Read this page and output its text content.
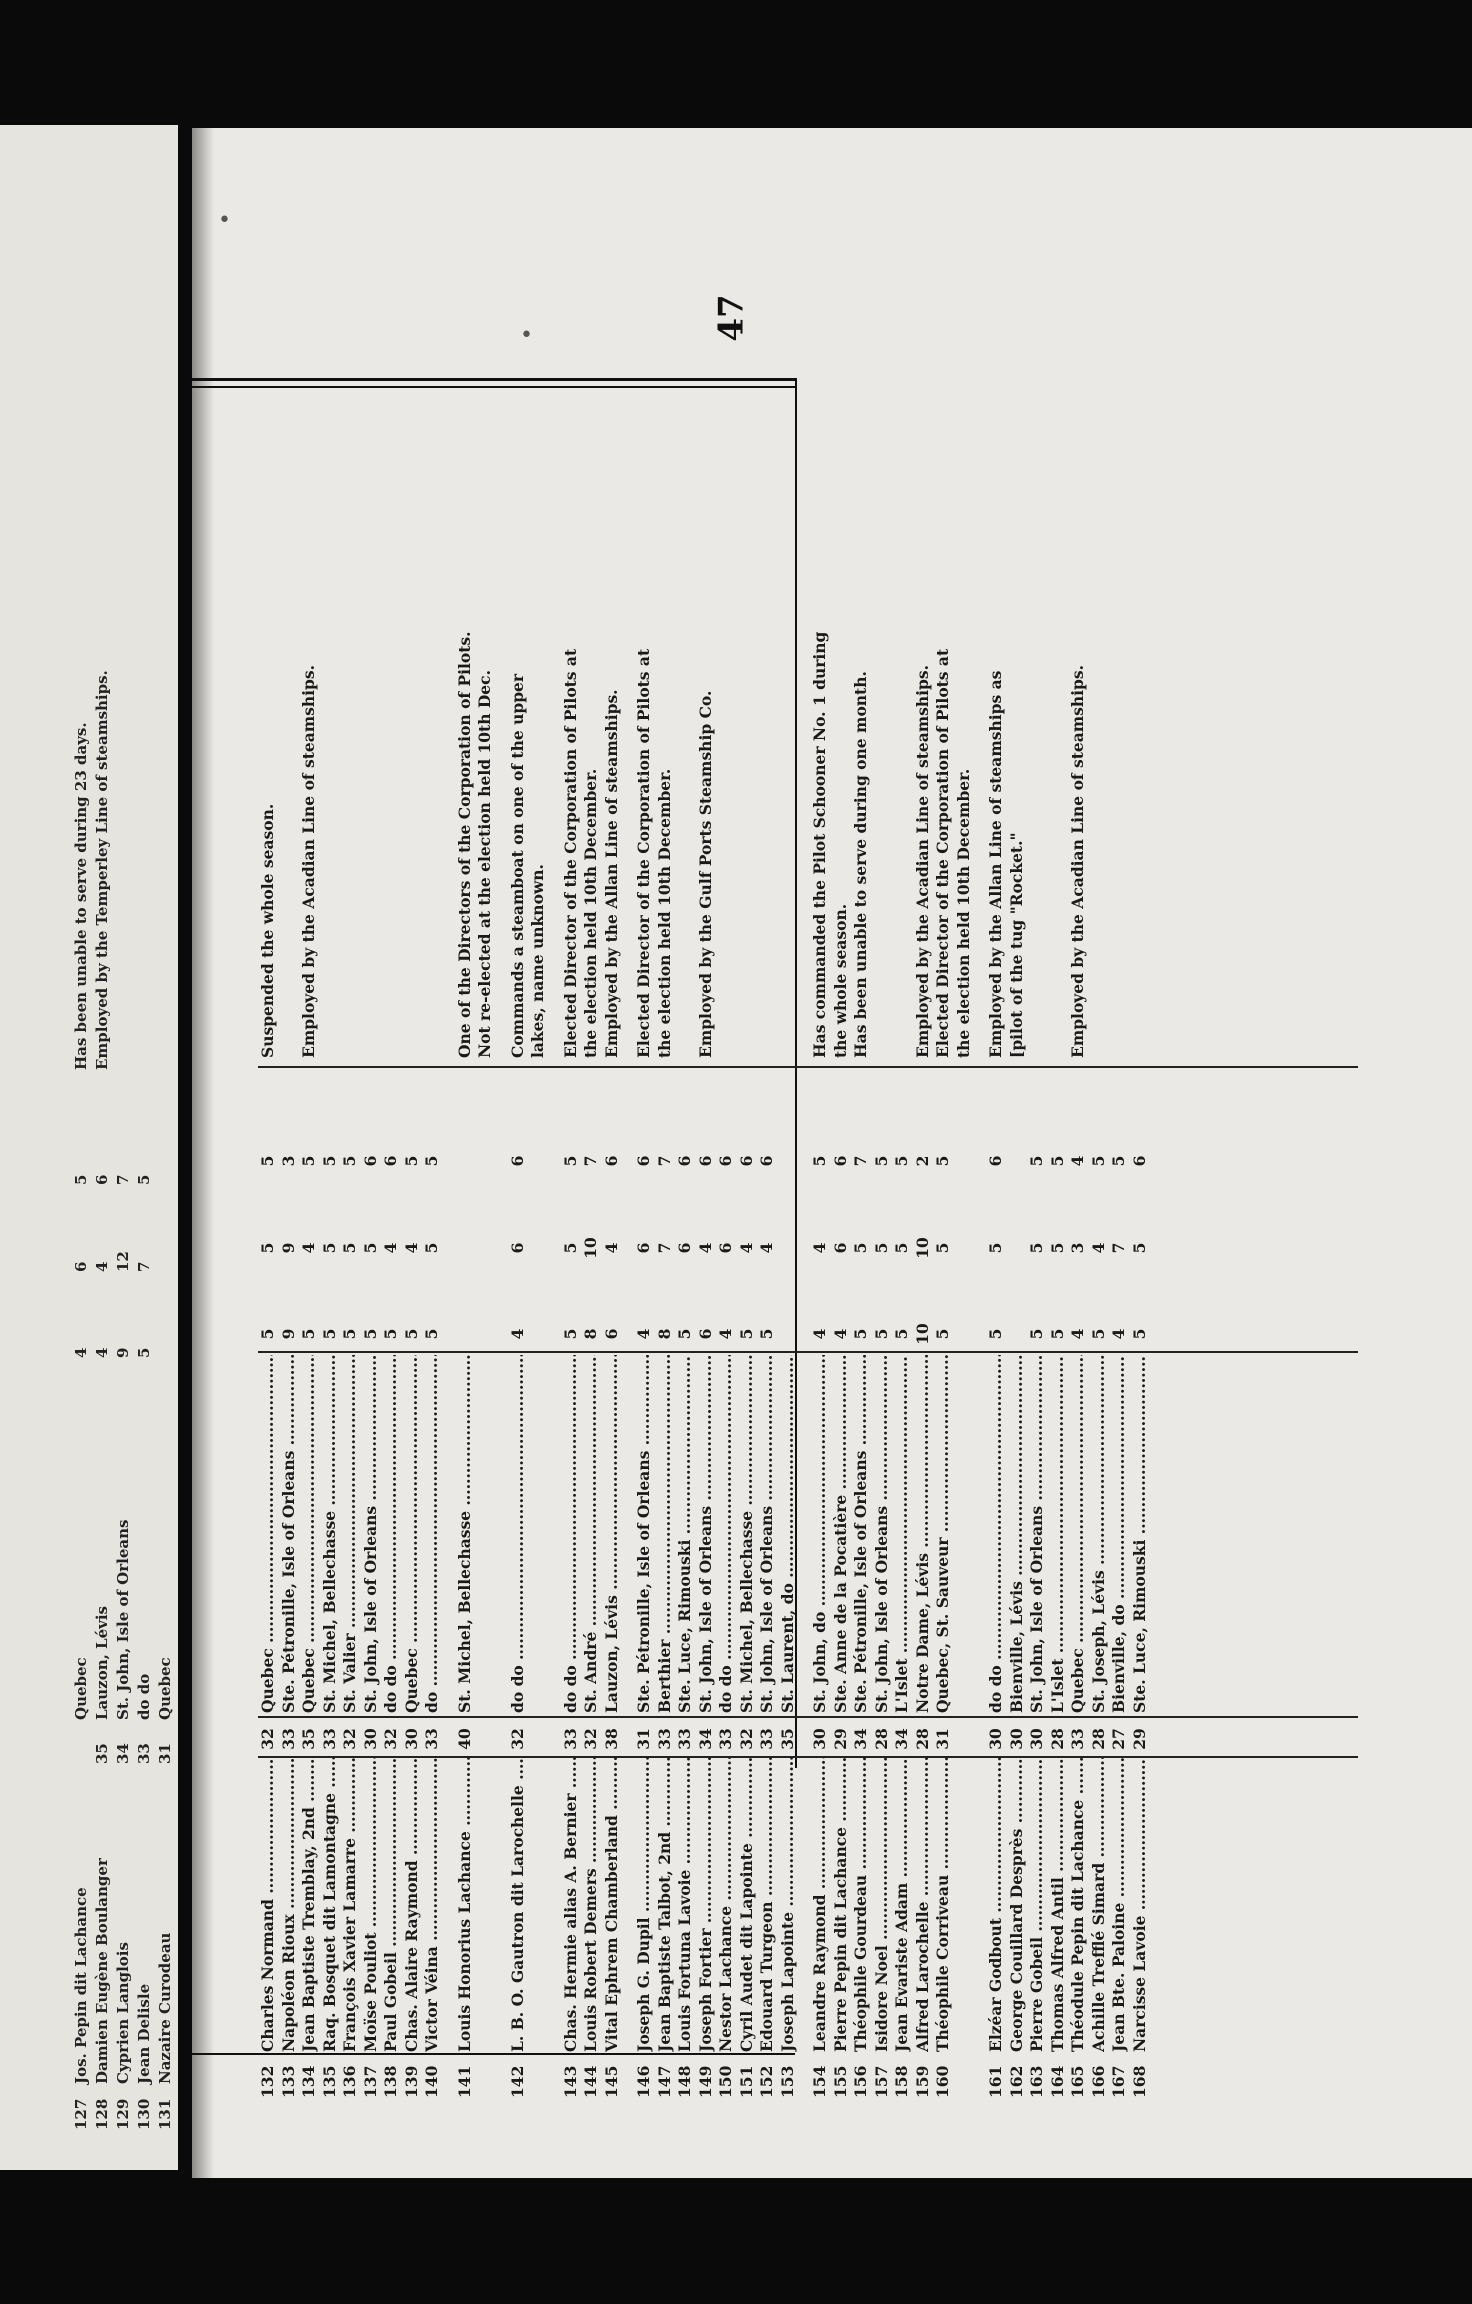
127
Jos. Pepin dit Lachance
Quebec
4
6
5
Has been unable to serve during 23 days.
128
Damien Eugène Boulanger
35
Lauzon, Lévis
4
4
6
Employed by the Temperley Line of steamships.
129
Cyprien Langlois
34
St. John, Isle of Orleans
9
12
7
130
Jean Delisle
33
do do
5
7
5
131
Nazaire Curodeau
31
Quebec
47
132
Charles Normand .....
32
Quebec .....
5
5
5
Suspended the whole season.
133
Napoléon Rioux .....
33
Ste. Pétronille, Isle of Orleans .....
9
9
3
134
Jean Baptiste Tremblay, 2nd .....
35
Quebec .....
5
4
5
Employed by the Acadian Line of steamships.
135
Raq. Bosquet dit Lamontagne .....
33
St. Michel, Bellechasse .....
5
5
5
136
François Xavier Lamarre .....
32
St. Valier .....
5
5
5
137
Moïse Pouliot .....
30
St. John, Isle of Orleans .....
5
5
6
138
Paul Gobeil .....
32
do do .....
5
4
6
139
Chas. Alaire Raymond .....
30
Quebec .....
5
4
5
140
Victor Véina .....
33
do .....
5
5
5
141
Louis Honorius Lachance .....
40
St. Michel, Bellechasse .....
One of the Directors of the Corporation of Pilots. Not re-elected at the election held 10th Dec.
142
L. B. O. Gautron dit Larochelle .....
32
do do .....
4
6
6
Commands a steamboat on one of the upper lakes, name unknown.
143
Chas. Hermie alias A. Bernier .....
33
do do .....
5
5
5
Elected Director of the Corporation of Pilots at
144
Louis Robert Demers .....
32
St. André .....
8
10
7
the election held 10th December.
145
Vital Ephrem Chamberland .....
38
Lauzon, Lévis .....
6
4
6
Employed by the Allan Line of steamships.
146
Joseph G. Dupil .....
31
Ste. Pétronille, Isle of Orleans .....
4
6
6
Elected Director of the Corporation of Pilots at
147
Jean Baptiste Talbot, 2nd .....
33
Berthier .....
8
7
7
the election held 10th December.
148
Louis Fortuna Lavoie .....
33
Ste. Luce, Rimouski .....
5
6
6
149
Joseph Fortier .....
34
St. John, Isle of Orleans .....
6
4
6
Employed by the Gulf Ports Steamship Co.
150
Nestor Lachance .....
33
do do .....
4
6
6
151
Cyril Audet dit Lapointe .....
32
St. Michel, Bellechasse .....
5
4
6
152
Edouard Turgeon .....
33
St. John, Isle of Orleans .....
5
4
6
153
Joseph Lapointe .....
35
St. Laurent, do .....
154
Leandre Raymond .....
30
St. John, do .....
4
4
5
Has commanded the Pilot Schooner No. 1 during
155
Pierre Pepin dit Lachance .....
29
Ste. Anne de la Pocatière .....
4
6
6
the whole season.
156
Théophile Gourdeau .....
34
Ste. Pétronille, Isle of Orleans .....
5
5
7
Has been unable to serve during one month.
157
Isidore Noel .....
28
St. John, Isle of Orleans .....
5
5
5
158
Jean Evariste Adam .....
34
L'Islet .....
5
5
5
159
Alfred Larochelle .....
28
Notre Dame, Lévis .....
10
10
2
Employed by the Acadian Line of steamships.
160
Théophile Corriveau .....
31
Quebec, St. Sauveur .....
5
5
5
Elected Director of the Corporation of Pilots at the election held 10th December.
161
Elzéar Godbout .....
30
do do .....
5
5
6
Employed by the Allan Line of steamships as
162
George Couillard Desprès .....
30
Bienville, Lévis .....
[pilot of the tug "Rocket."
163
Pierre Gobeil .....
30
St. John, Isle of Orleans .....
5
5
5
164
Thomas Alfred Antil .....
28
L'Islet .....
5
5
5
165
Théodule Pepin dit Lachance .....
33
Quebec .....
4
3
4
Employed by the Acadian Line of steamships.
166
Achille Trefflé Simard .....
28
St. Joseph, Lévis .....
5
4
5
167
Jean Bte. Paloine .....
27
Bienville, do .....
4
7
5
168
Narcisse Lavoie .....
29
Ste. Luce, Rimouski .....
5
5
6
•
•
